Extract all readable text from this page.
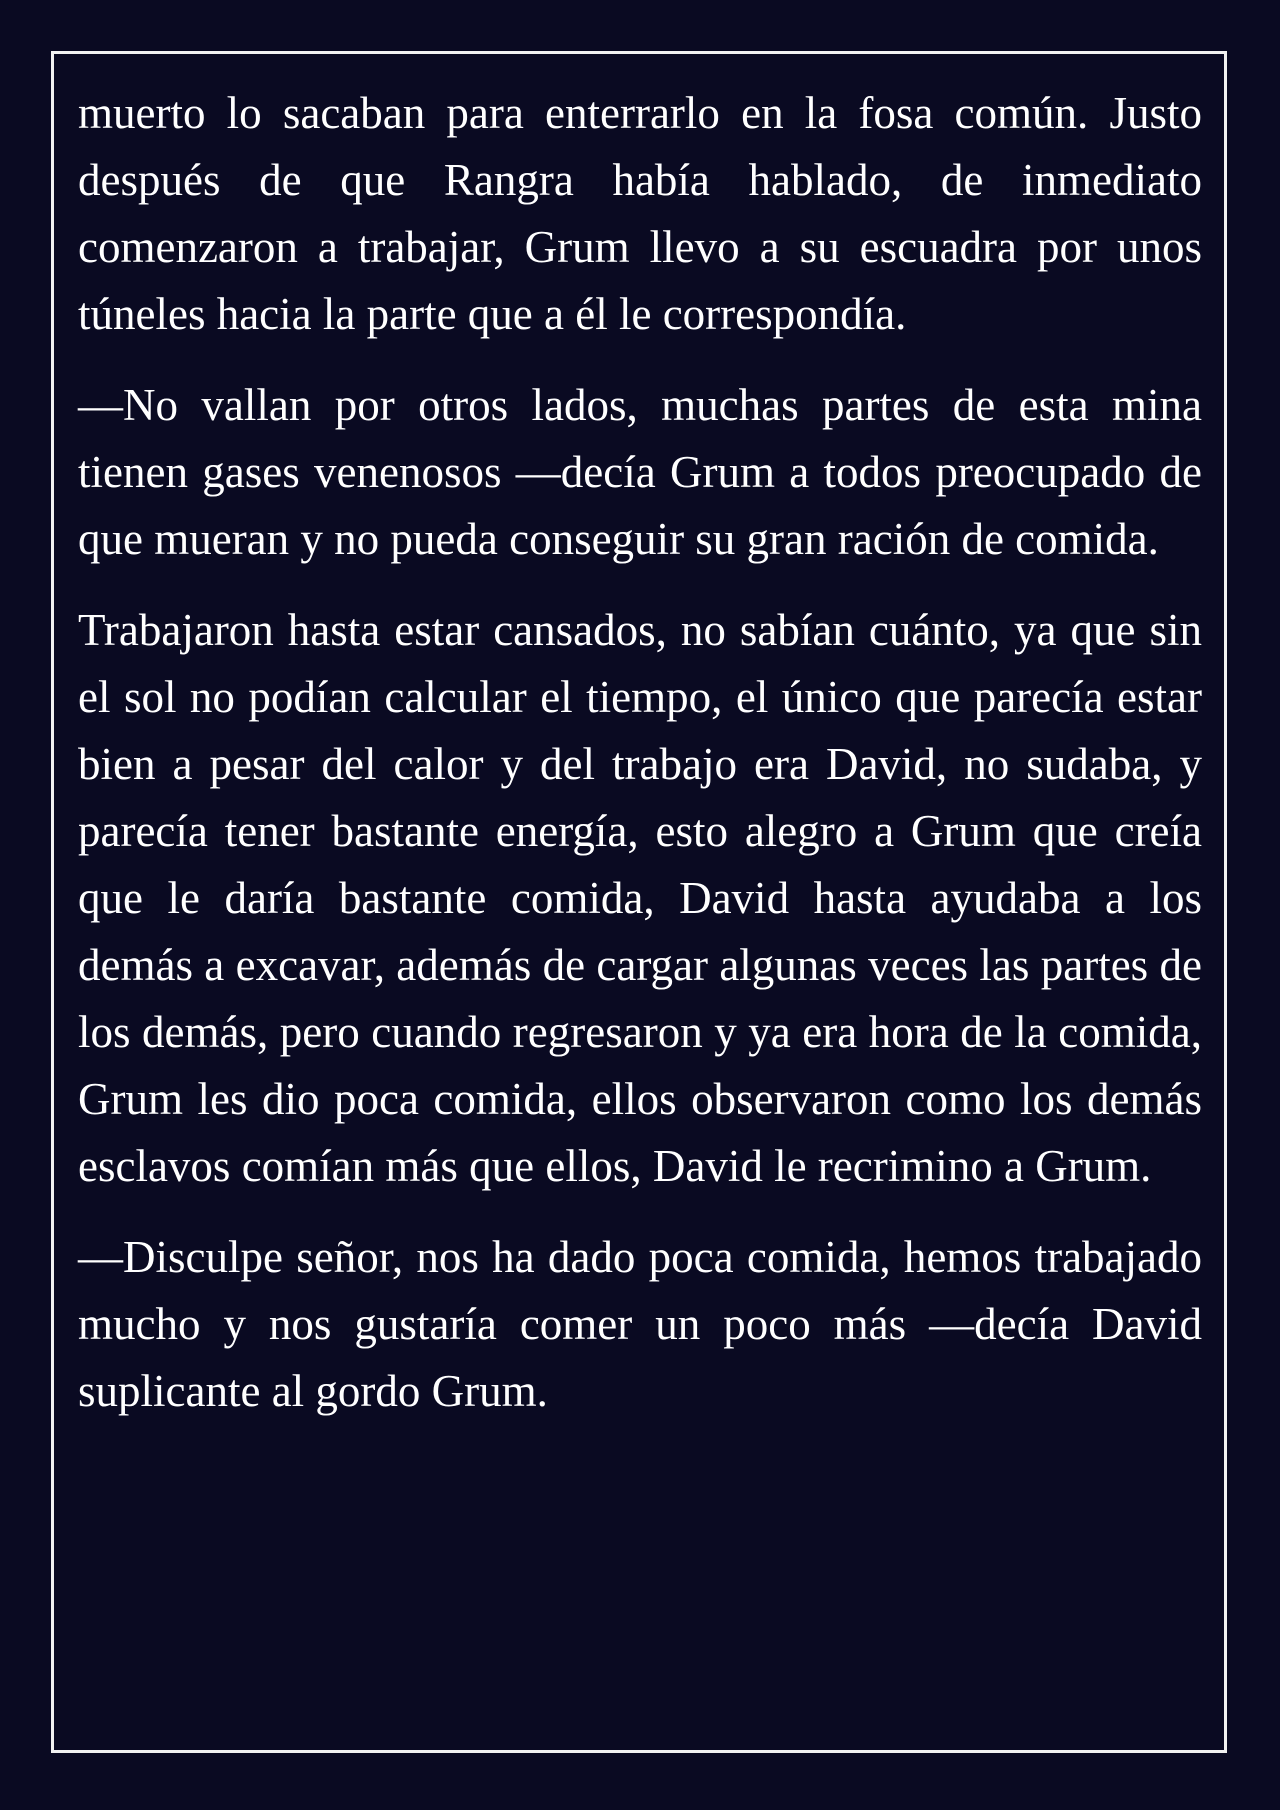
muerto lo sacaban para enterrarlo en la fosa común. Justo después de que Rangra había hablado, de inmediato comenzaron a trabajar, Grum llevo a su escuadra por unos túneles hacia la parte que a él le correspondía.

—No vallan por otros lados, muchas partes de esta mina tienen gases venenosos —decía Grum a todos preocupado de que mueran y no pueda conseguir su gran ración de comida.

Trabajaron hasta estar cansados, no sabían cuánto, ya que sin el sol no podían calcular el tiempo, el único que parecía estar bien a pesar del calor y del trabajo era David, no sudaba, y parecía tener bastante energía, esto alegro a Grum que creía que le daría bastante comida, David hasta ayudaba a los demás a excavar, además de cargar algunas veces las partes de los demás, pero cuando regresaron y ya era hora de la comida, Grum les dio poca comida, ellos observaron como los demás esclavos comían más que ellos, David le recrimino a Grum.

—Disculpe señor, nos ha dado poca comida, hemos trabajado mucho y nos gustaría comer un poco más —decía David suplicante al gordo Grum.
